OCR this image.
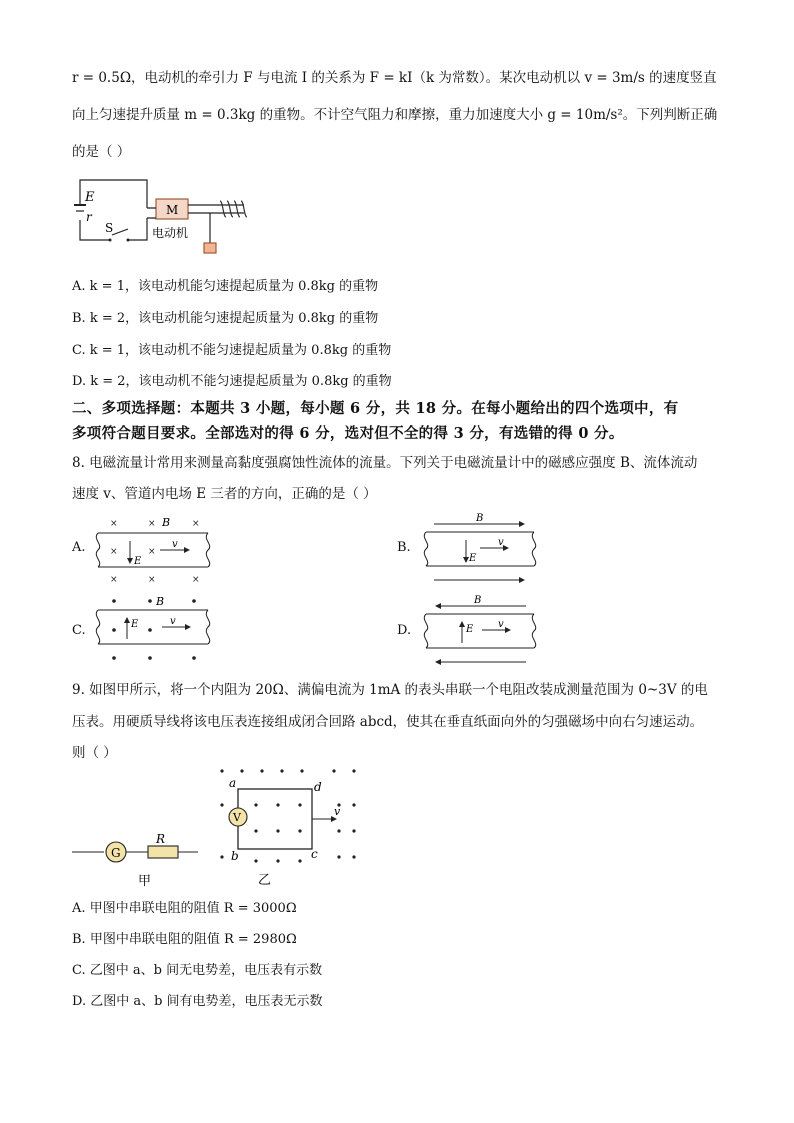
r = 0.5Ω，电动机的牵引力 F 与电流 I 的关系为 F = kI（k 为常数）。某次电动机以 v = 3m/s 的速度竖直
向上匀速提升质量 m = 0.3kg 的重物。不计空气阻力和摩擦，重力加速度大小 g = 10m/s²。下列判断正确
的是（ ）
E
r
S
M
电动机
A. k = 1，该电动机能匀速提起质量为 0.8kg 的重物
B. k = 2，该电动机能匀速提起质量为 0.8kg 的重物
C. k = 1，该电动机不能匀速提起质量为 0.8kg 的重物
D. k = 2，该电动机不能匀速提起质量为 0.8kg 的重物
二、多项选择题：本题共 3 小题，每小题 6 分，共 18 分。在每小题给出的四个选项中，有
多项符合题目要求。全部选对的得 6 分，选对但不全的得 3 分，有选错的得 0 分。
8. 电磁流量计常用来测量高黏度强腐蚀性流体的流量。下列关于电磁流量计中的磁感应强度 B、流体流动
速度 v、管道内电场 E 三者的方向，正确的是（ ）
A.
×	×	×
×	×
×	×	×
B
E
v	B.
B
E
v
C.
B
E	v
D.
B
E v
9. 如图甲所示，将一个内阻为 20Ω、满偏电流为 1mA 的表头串联一个电阻改装成测量范围为 0~3V 的电
压表。用硬质导线将该电压表连接组成闭合回路 abcd，使其在垂直纸面向外的匀强磁场中向右匀速运动。
则（ ）
G
R
甲
V	v
a
b	c
d
乙
A. 甲图中串联电阻的阻值 R = 3000Ω
B. 甲图中串联电阻的阻值 R = 2980Ω
C. 乙图中 a、b 间无电势差，电压表有示数
D. 乙图中 a、b 间有电势差，电压表无示数
